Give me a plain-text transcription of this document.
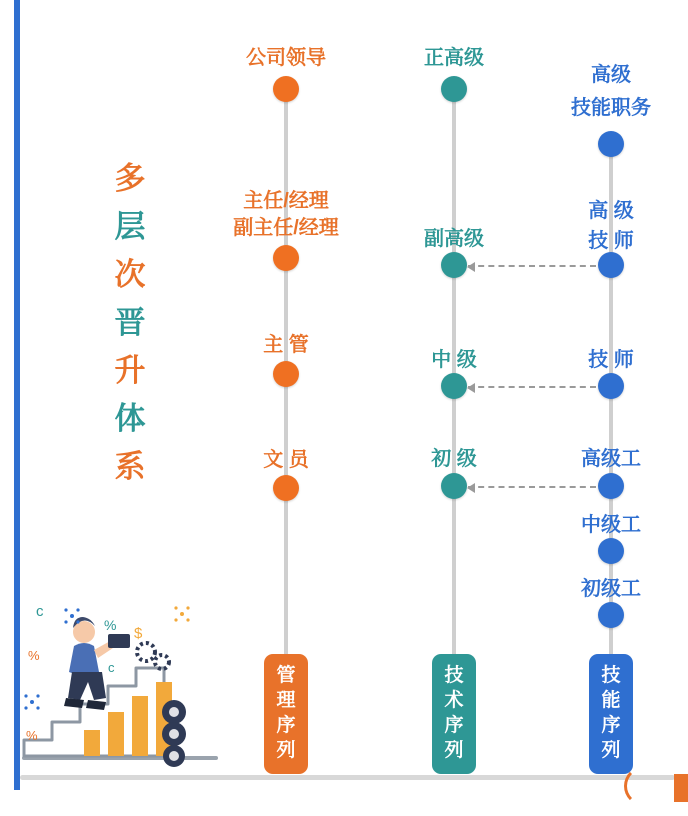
多
层
次
晋
升
体
系
公司领导
主任/经理
副主任/经理
主 管
文 员
管
理
序
列
正高级
副高级
中 级
初 级
技
术
序
列
高级
技能职务
高 级
技 师
技 师
高级工
中级工
初级工
技
能
序
列
c
%
%
% $
c
